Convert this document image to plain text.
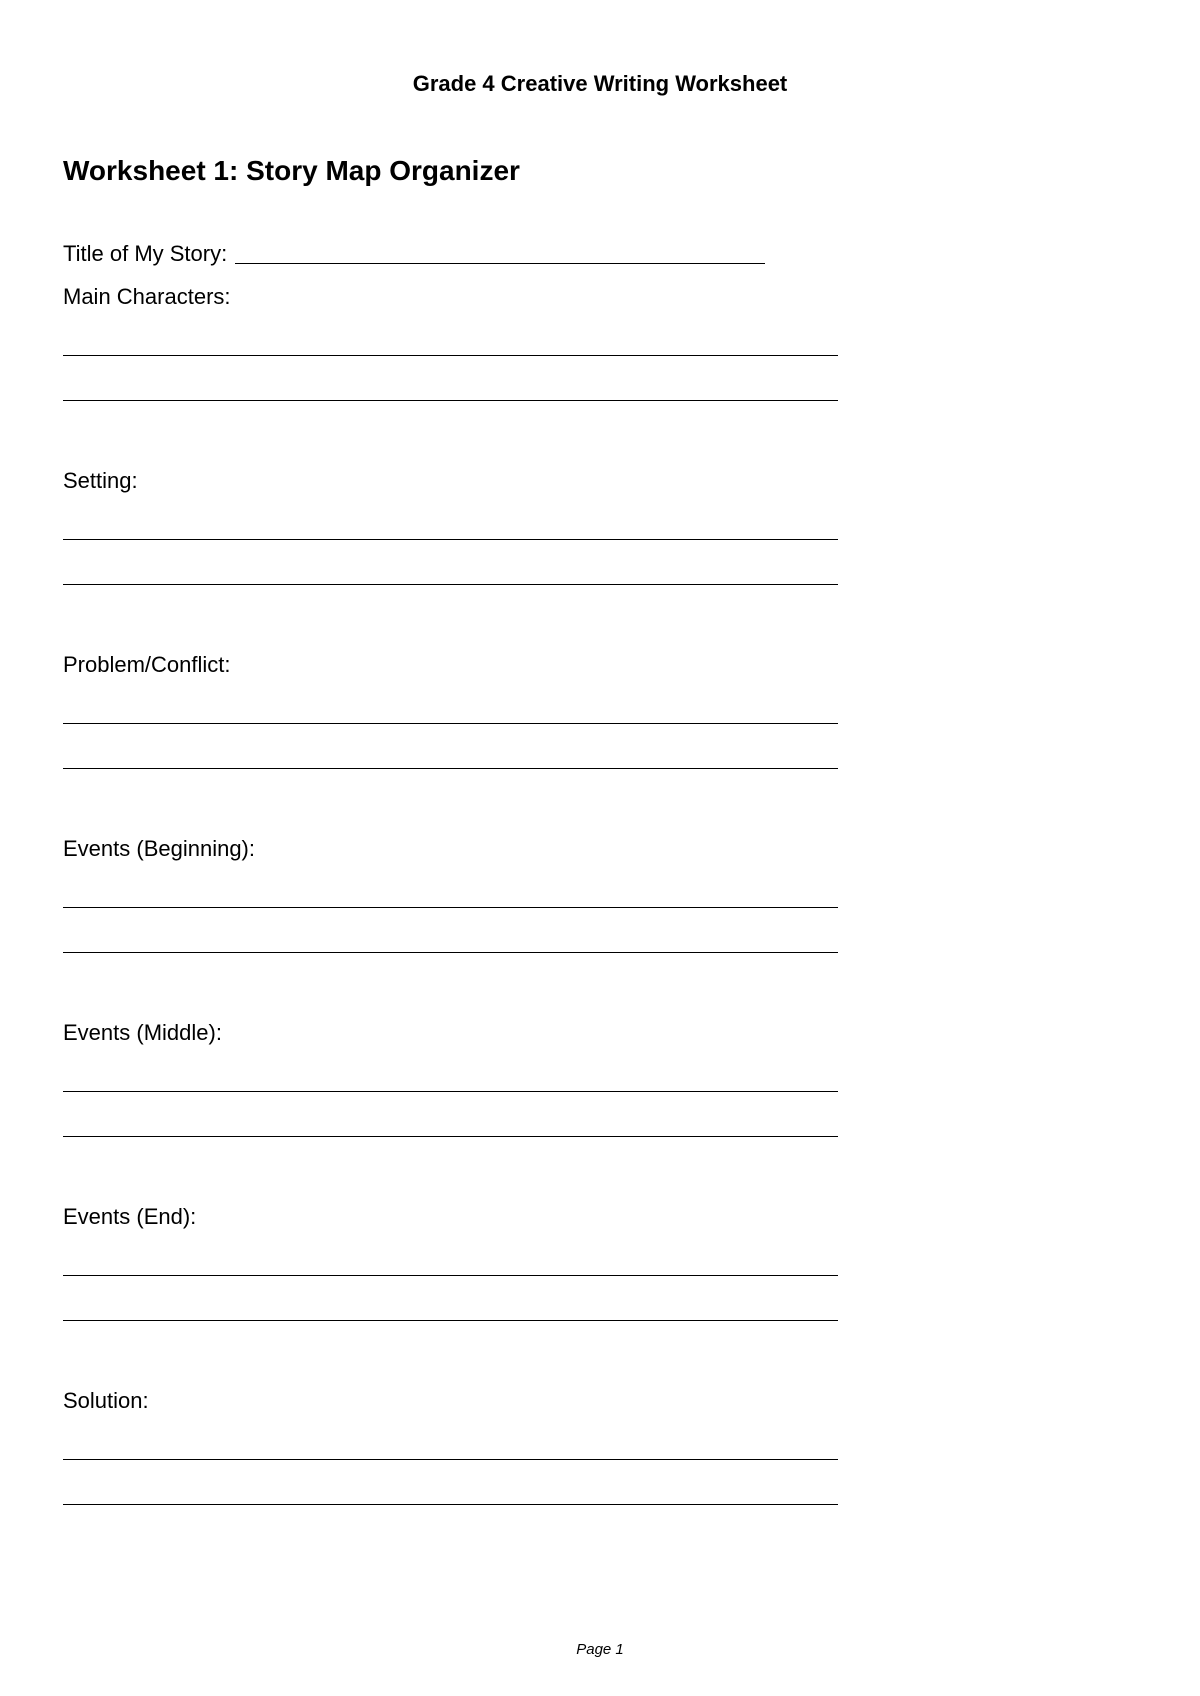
Grade 4 Creative Writing Worksheet
Worksheet 1: Story Map Organizer
Title of My Story:
Main Characters:
Setting:
Problem/Conflict:
Events (Beginning):
Events (Middle):
Events (End):
Solution:
Page 1
